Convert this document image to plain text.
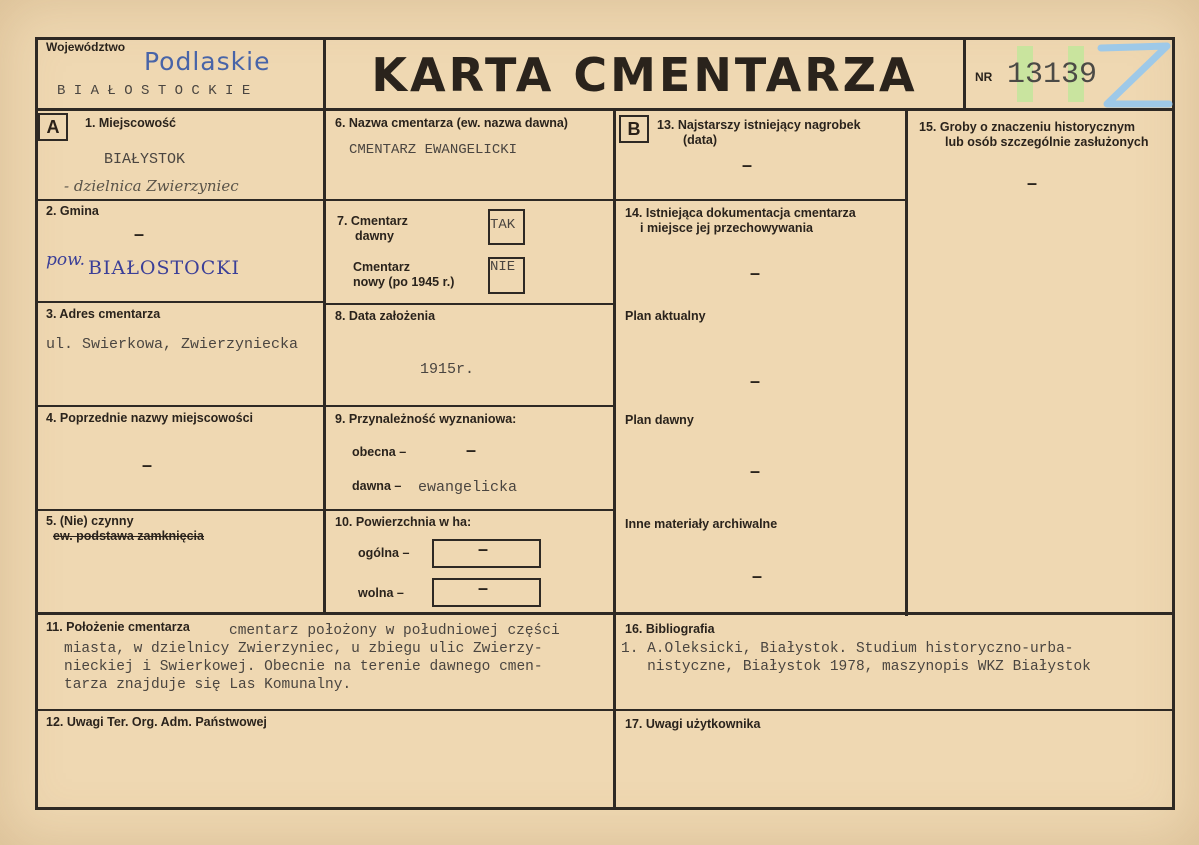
Województwo Podlaskie
B I A Ł O S T O C K I E	KARTA CMENTARZA	NR 13139
A	1. Miejscowość
BIAŁYSTOK
- dzielnica Zwierzyniec
2. Gmina
–
pow. BIAŁOSTOCKI
3. Adres cmentarza
ul. Swierkowa, Zwierzyniecka
4. Poprzednie nazwy miejscowości
–
5. (Nie) czynny
ew. podstawa zamknięcia
6. Nazwa cmentarza (ew. nazwa dawna)
CMENTARZ EWANGELICKI
7. Cmentarz
dawny
TAK
Cmentarz
nowy (po 1945 r.)
NIE
8. Data założenia
1915r.
9. Przynależność wyznaniowa:
obecna –	–
dawna – ewangelicka
10. Powierzchnia w ha:
ogólna –	–
wolna –	–
B	13. Najstarszy istniejący nagrobek
(data)
–
14. Istniejąca dokumentacja cmentarza
i miejsce jej przechowywania
–
Plan aktualny
–
Plan dawny
–
Inne materiały archiwalne
–
15. Groby o znaczeniu historycznym
lub osób szczególnie zasłużonych
–
11. Położenie cmentarza	cmentarz położony w południowej części
miasta, w dzielnicy Zwierzyniec, u zbiegu ulic Zwierzy-
nieckiej i Swierkowej. Obecnie na terenie dawnego cmen-
tarza znajduje się Las Komunalny.
16. Bibliografia
1. A.Oleksicki, Białystok. Studium historyczno-urba-
nistyczne, Białystok 1978, maszynopis WKZ Białystok
12. Uwagi Ter. Org. Adm. Państwowej	17. Uwagi użytkownika
